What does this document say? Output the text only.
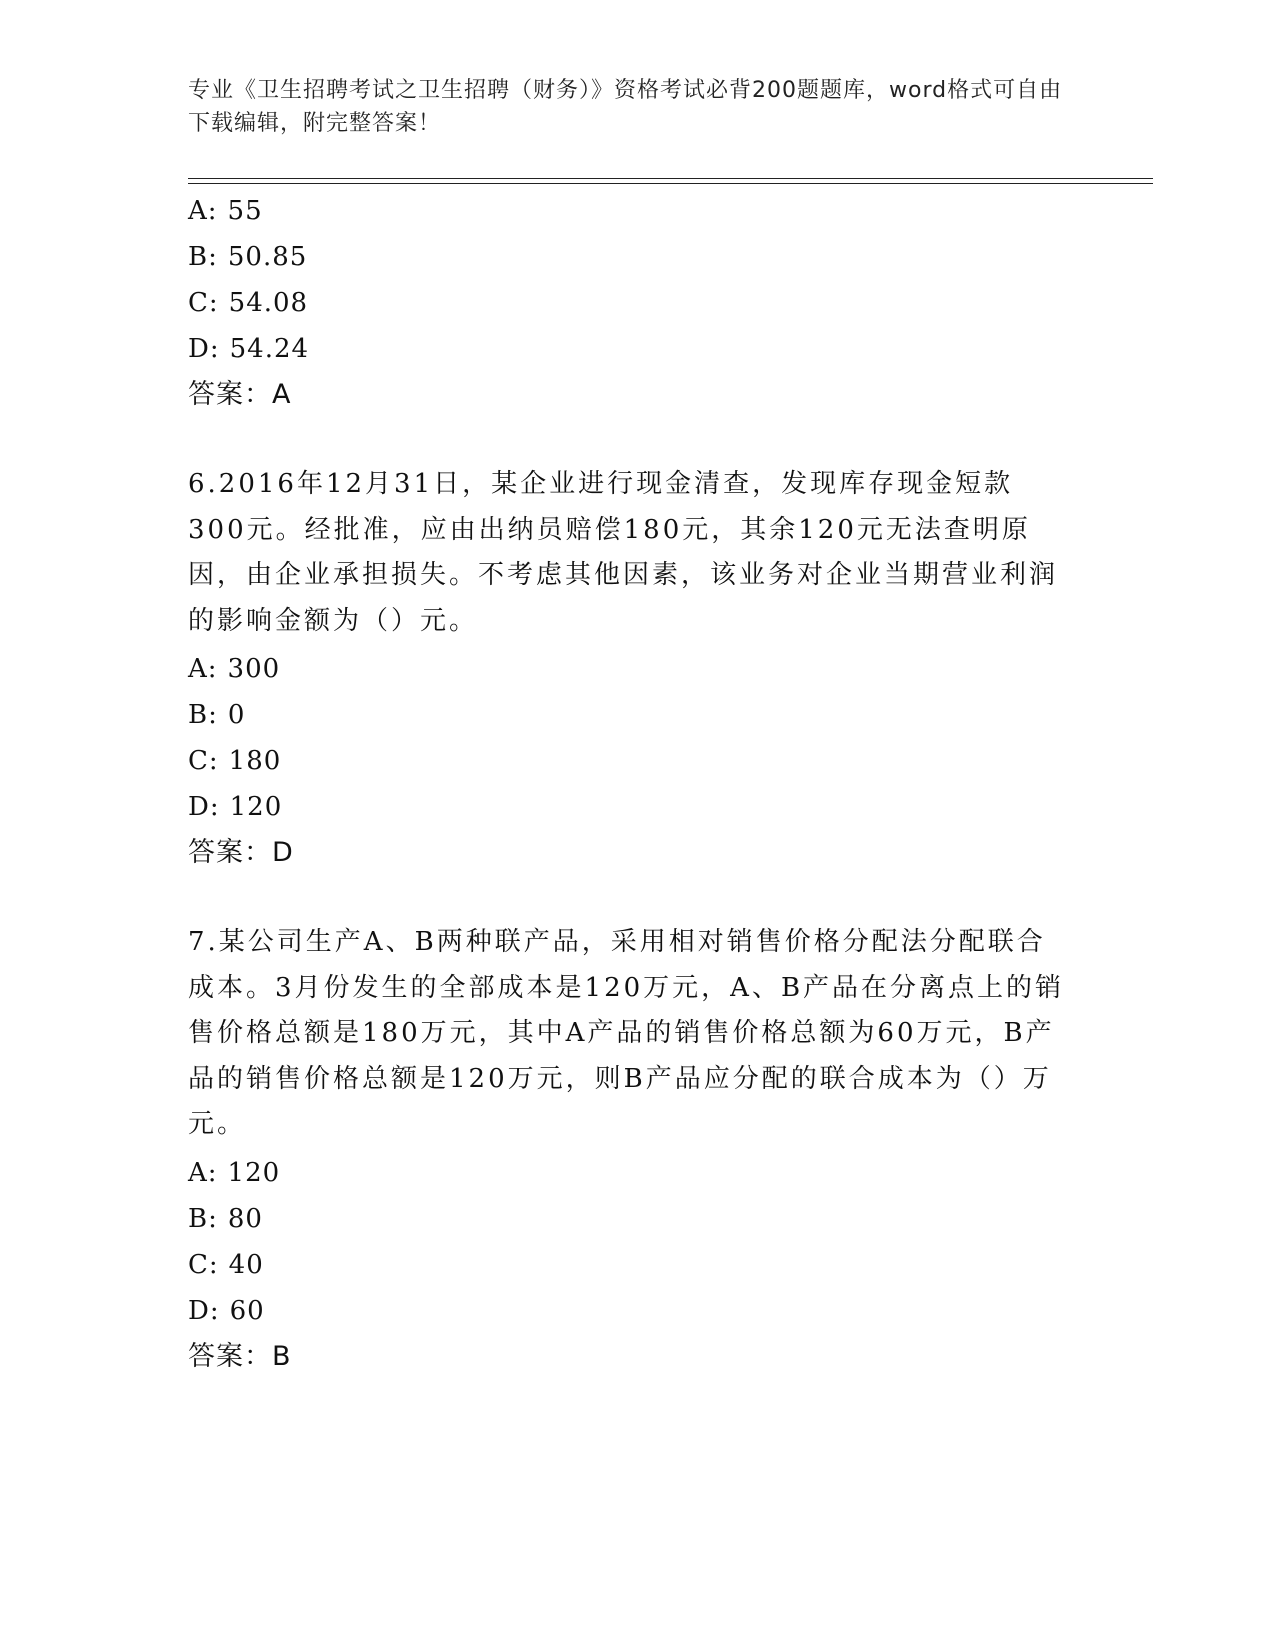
专业《卫生招聘考试之卫生招聘（财务）》资格考试必背200题题库，word格式可自由下载编辑，附完整答案！
A: 55
B: 50.85
C: 54.08
D: 54.24
答案：A
6.2016年12月31日，某企业进行现金清查，发现库存现金短款300元。经批准，应由出纳员赔偿180元，其余120元无法查明原因，由企业承担损失。不考虑其他因素，该业务对企业当期营业利润的影响金额为（）元。
A: 300
B: 0
C: 180
D: 120
答案：D
7.某公司生产A、B两种联产品，采用相对销售价格分配法分配联合成本。3月份发生的全部成本是120万元，A、B产品在分离点上的销售价格总额是180万元，其中A产品的销售价格总额为60万元，B产品的销售价格总额是120万元，则B产品应分配的联合成本为（）万元。
A: 120
B: 80
C: 40
D: 60
答案：B
